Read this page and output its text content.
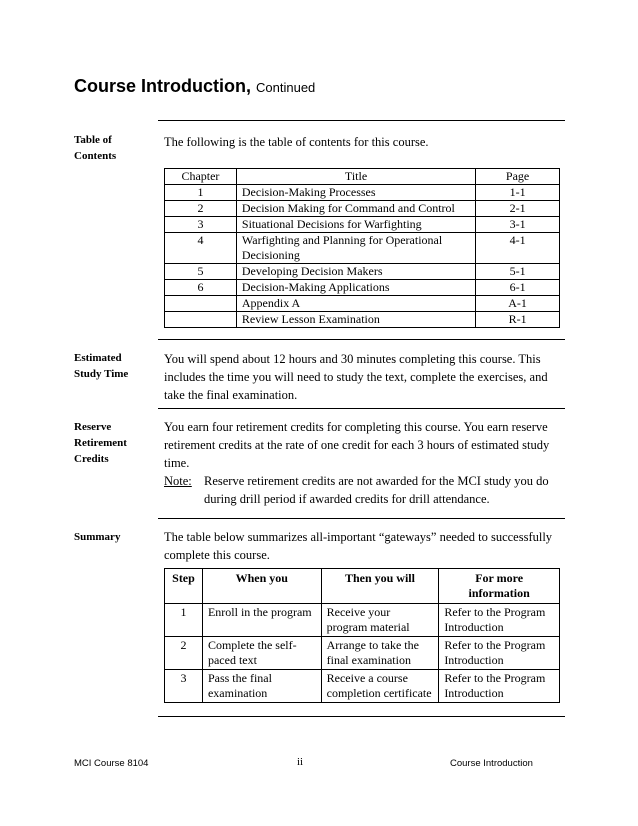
Course Introduction, Continued
Table of
Contents
The following is the table of contents for this course.
Chapter	Title	Page
1	Decision-Making Processes	1-1
2	Decision Making for Command and Control	2-1
3	Situational Decisions for Warfighting	3-1
4	Warfighting and Planning for Operational Decisioning	4-1
5	Developing Decision Makers	5-1
6	Decision-Making Applications	6-1
	Appendix A	A-1
	Review Lesson Examination	R-1
Estimated
Study Time
You will spend about 12 hours and 30 minutes completing this course. This includes the time you will need to study the text, complete the exercises, and take the final examination.
Reserve
Retirement
Credits
You earn four retirement credits for completing this course. You earn reserve retirement credits at the rate of one credit for each 3 hours of estimated study time.
Note: Reserve retirement credits are not awarded for the MCI study you do during drill period if awarded credits for drill attendance.
Summary	The table below summarizes all-important “gateways” needed to successfully complete this course.
Step	When you	Then you will	For more information
1	Enroll in the program	Receive your program material	Refer to the Program Introduction
2	Complete the self-paced text	Arrange to take the final examination	Refer to the Program Introduction
3	Pass the final examination	Receive a course completion certificate	Refer to the Program Introduction
MCI Course 8104	ii	Course Introduction
